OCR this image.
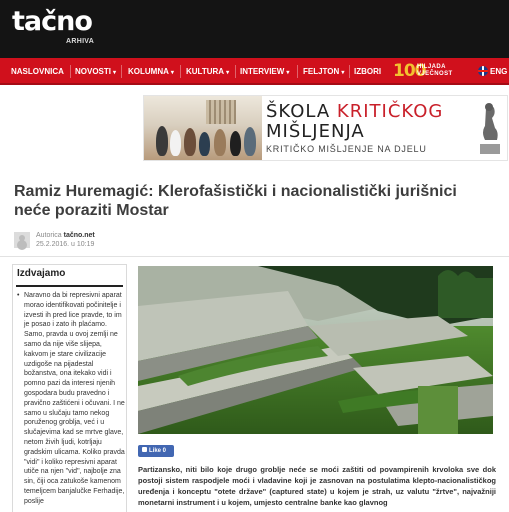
tačno
ARHIVA
NASLOVNICA NOVOSTI ▾ KOLUMNA ▾ KULTURA ▾ INTERVIEW ▾ FELJTON ▾ IZBORI 100
HILJADA
VJEČNOST	ENG
ŠKOLA KRITIČKOG
MIŠLJENJA
KRITIČKO MIŠLJENJE NA DJELU
Ramiz Huremagić: Klerofašistički i nacionalistički jurišnici neće poraziti Mostar
Autorica tačno.net
25.2.2016. u 10:19
Izdvajamo

• Naravno da bi represivni aparat morao identifikovati počinitelje i izvesti ih pred lice pravde, to im je posao i zato ih plaćamo. Samo, pravda u ovoj zemlji ne samo da nije više slijepa, kakvom je stare civilizacije uzdigoše na pijadestal božanstva, ona itekako vidi i pomno pazi da interesi njenih gospodara budu pravedno i pravično zaštićeni i očuvani. I ne samo u slučaju tamo nekog poruženog groblja, već i u slučajevima kad se mrtve glave, netom živih ljudi, kotrljaju gradskim ulicama. Koliko pravda "vidi" i koliko represivni aparat utiče na njen "vid", najbolje zna sin, čiji oca zatukoše kamenom temeljcem banjalučke Ferhadije, poslije

Like 0
Partizansko, niti bilo koje drugo groblje neće se moći zaštiti od povampirenih krvoloka sve dok postoji sistem raspodjele moći i vladavine koji je zasnovan na postulatima klepto-nacionalističkog uređenja i konceptu "otete države" (captured state) u kojem je strah, uz valutu "žrtve", najvažniji monetarni instrument i u kojem, umjesto centralne banke kao glavnog
